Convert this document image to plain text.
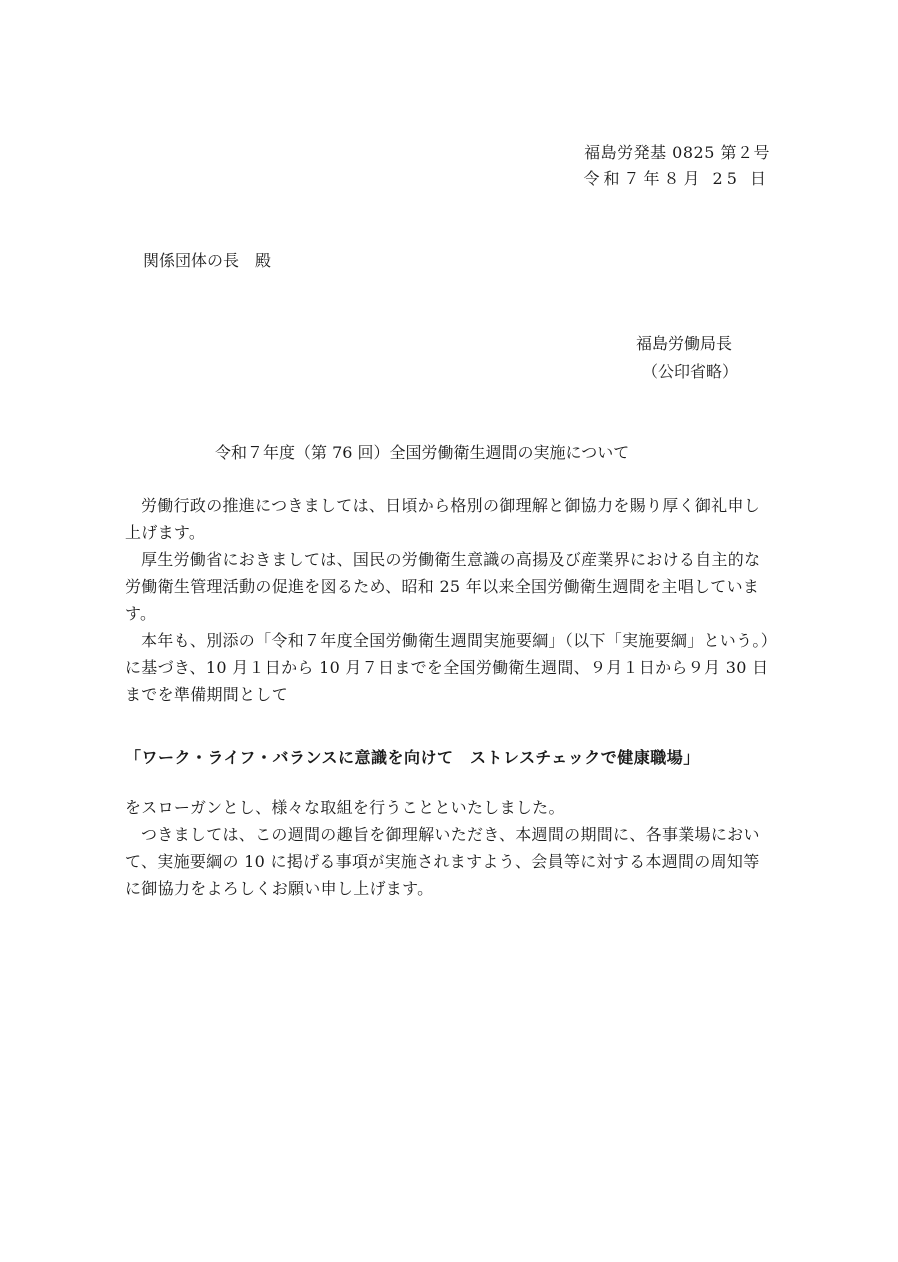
福島労発基 0825 第２号
令和７年８月 25 日
関係団体の長　殿
福島労働局長
（公印省略）
令和７年度（第 76 回）全国労働衛生週間の実施について

労働行政の推進につきましては、日頃から格別の御理解と御協力を賜り厚く御礼申し上げます。

厚生労働省におきましては、国民の労働衛生意識の高揚及び産業界における自主的な労働衛生管理活動の促進を図るため、昭和 25 年以来全国労働衛生週間を主唱しています。

本年も、別添の「令和７年度全国労働衛生週間実施要綱」（以下「実施要綱」という。）に基づき、10 月１日から 10 月７日までを全国労働衛生週間、９月１日から９月 30 日までを準備期間として

「ワーク・ライフ・バランスに意識を向けて　ストレスチェックで健康職場」

をスローガンとし、様々な取組を行うことといたしました。

つきましては、この週間の趣旨を御理解いただき、本週間の期間に、各事業場において、実施要綱の 10 に掲げる事項が実施されますよう、会員等に対する本週間の周知等に御協力をよろしくお願い申し上げます。
